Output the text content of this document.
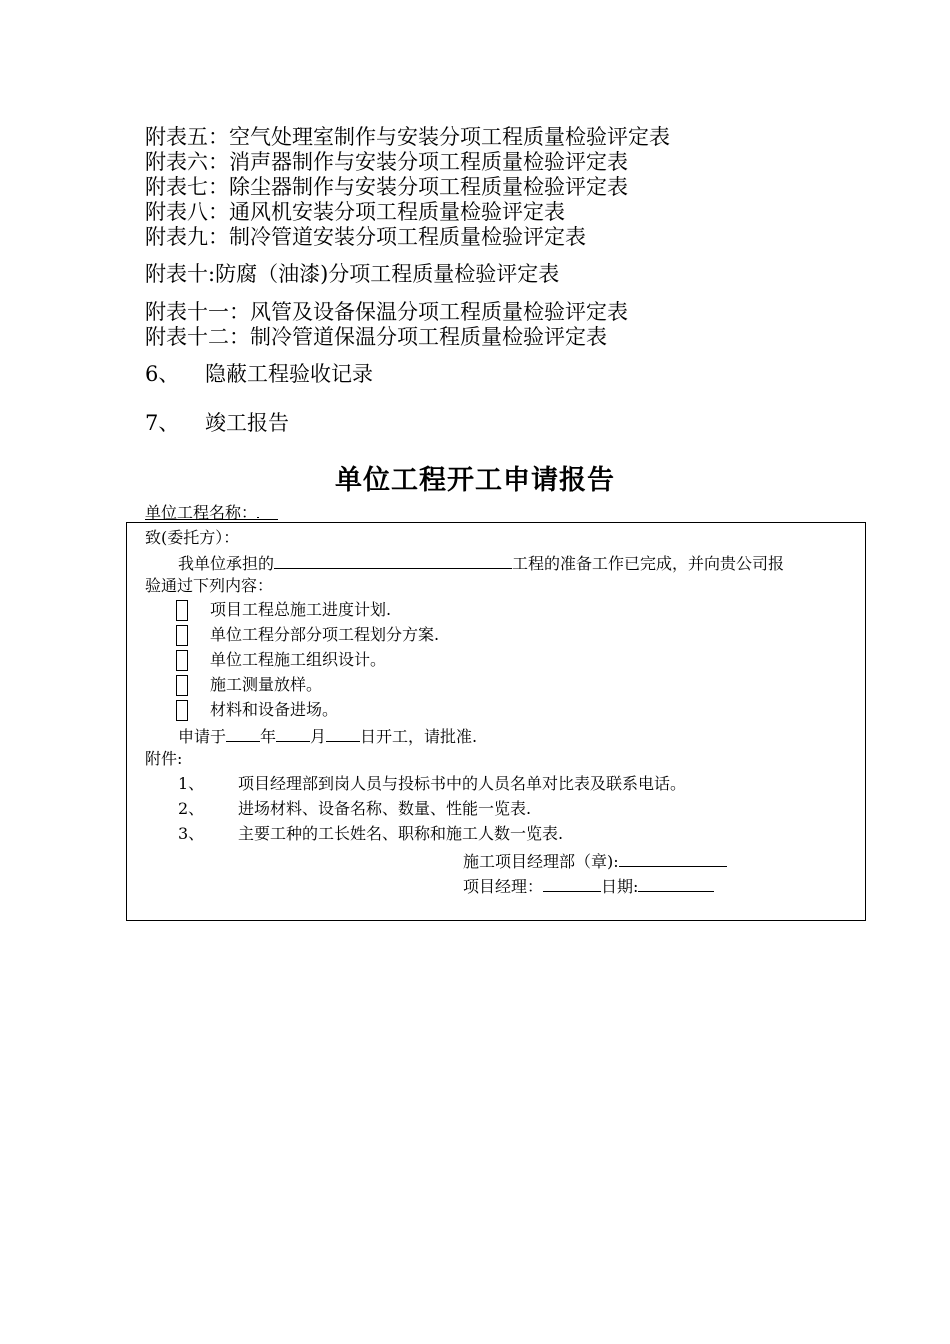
附表五：空气处理室制作与安装分项工程质量检验评定表
附表六：消声器制作与安装分项工程质量检验评定表
附表七：除尘器制作与安装分项工程质量检验评定表
附表八：通风机安装分项工程质量检验评定表
附表九：制冷管道安装分项工程质量检验评定表
附表十:防腐（油漆)分项工程质量检验评定表
附表十一：风管及设备保温分项工程质量检验评定表
附表十二：制冷管道保温分项工程质量检验评定表
6、 隐蔽工程验收记录
7、 竣工报告
单位工程开工申请报告
单位工程名称：
致(委托方）：
我单位承担的	工程的准备工作已完成，并向贵公司报
验通过下列内容：
项目工程总施工进度计划.
单位工程分部分项工程划分方案.
单位工程施工组织设计。
施工测量放样。
材料和设备进场。
申请于 年 月 日开工，请批准.
附件:
1、 项目经理部到岗人员与投标书中的人员名单对比表及联系电话。
2、 进场材料、设备名称、数量、性能一览表.
3、 主要工种的工长姓名、职称和施工人数一览表.
施工项目经理部（章):
项目经理：	日期:
